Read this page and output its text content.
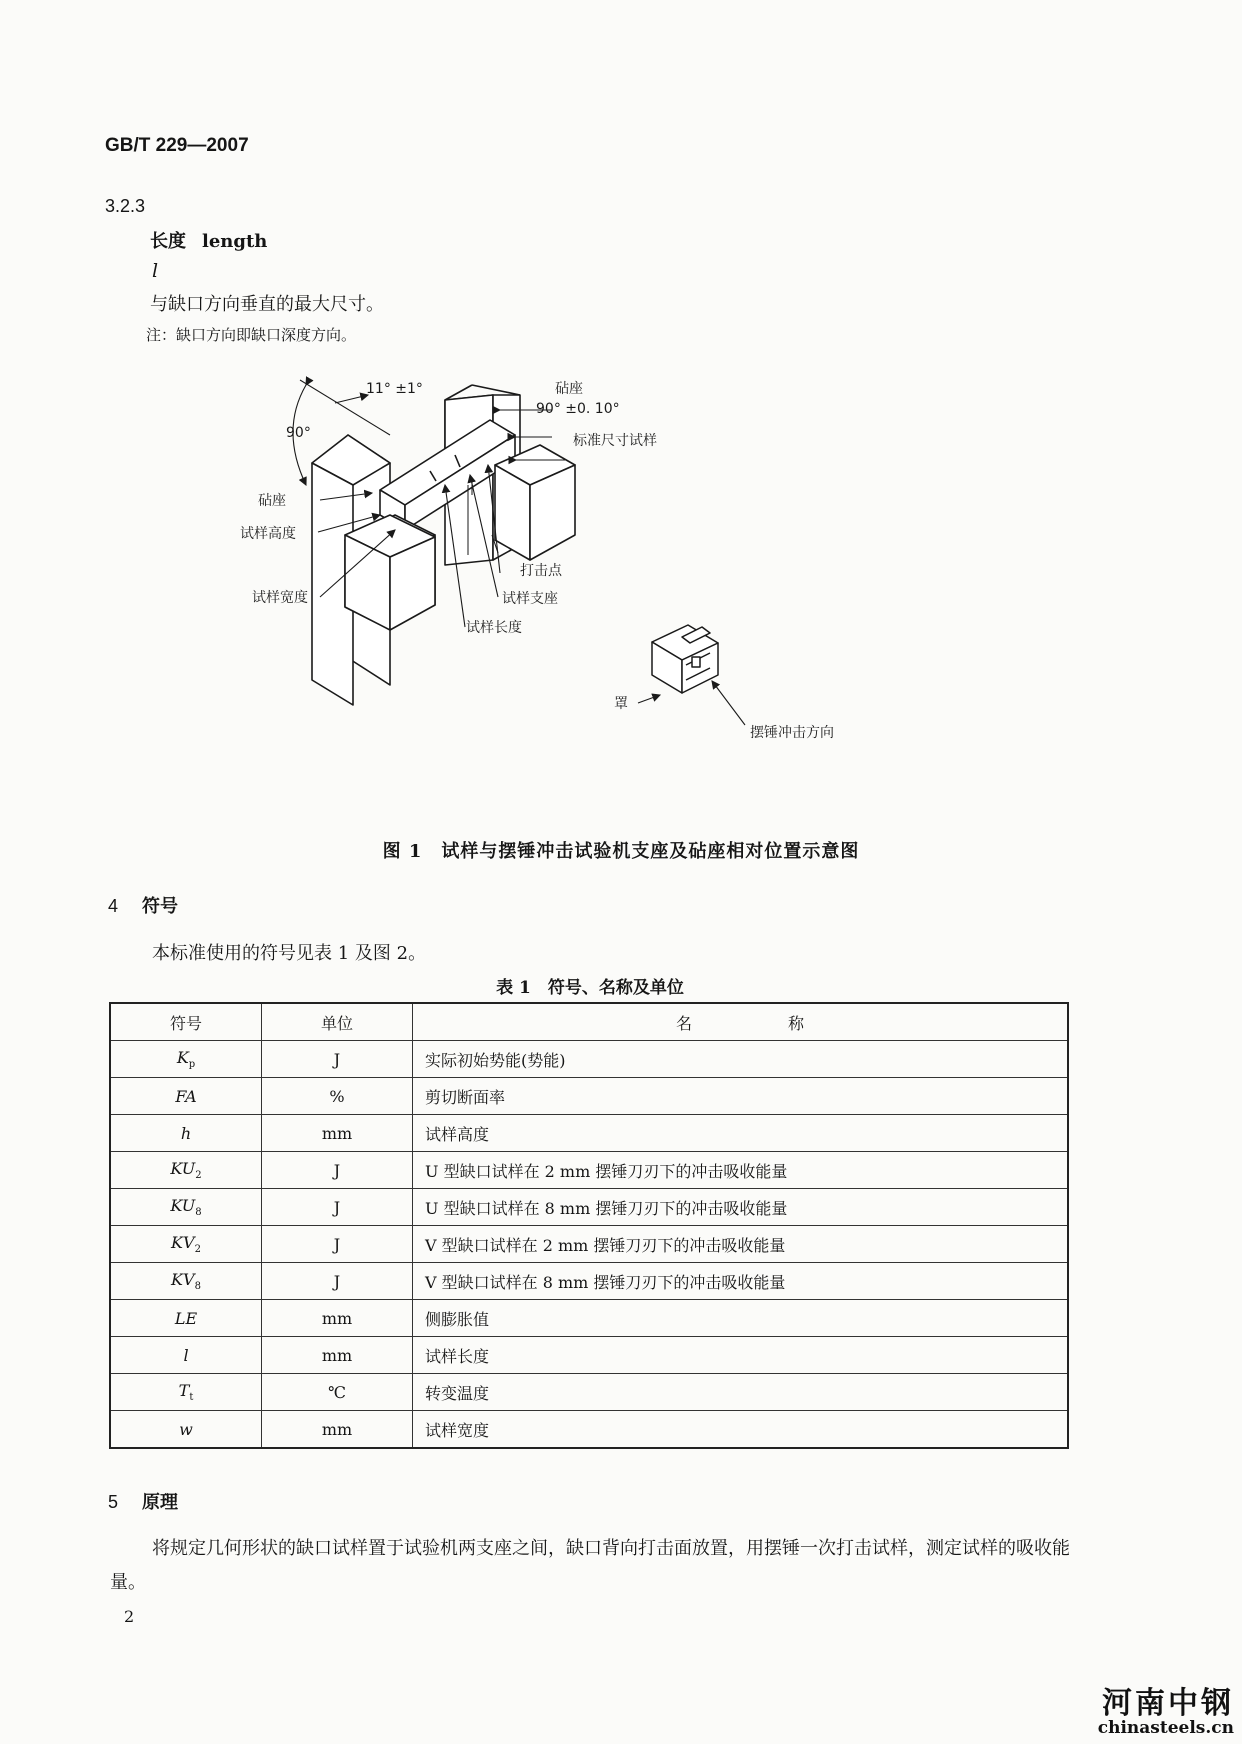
GB/T 229—2007
3.2.3
长度 length
l
与缺口方向垂直的最大尺寸。
注：缺口方向即缺口深度方向。
11° ±1°
90°
砧座
90° ±0. 10°
标准尺寸试样
砧座
试样高度
试样宽度
打击点
试样支座
试样长度
罩
摆锤冲击方向
图 1　试样与摆锤冲击试验机支座及砧座相对位置示意图
4 符号
本标准使用的符号见表 1 及图 2。
表 1　符号、名称及单位
符号	单位	名　　　　　　称
$K_p$	J	实际初始势能(势能)
FA	%	剪切断面率
h	mm	试样高度
$KU_2$	J	U 型缺口试样在 2 mm 摆锤刀刃下的冲击吸收能量
$KU_8$	J	U 型缺口试样在 8 mm 摆锤刀刃下的冲击吸收能量
$KV_2$	J	V 型缺口试样在 2 mm 摆锤刀刃下的冲击吸收能量
$KV_8$	J	V 型缺口试样在 8 mm 摆锤刀刃下的冲击吸收能量
LE	mm	侧膨胀值
l	mm	试样长度
$T_t$	℃	转变温度
w	mm	试样宽度
5 原理
将规定几何形状的缺口试样置于试验机两支座之间，缺口背向打击面放置，用摆锤一次打击试样，测定试样的吸收能量。
2
河南中钢
chinasteels.cn
